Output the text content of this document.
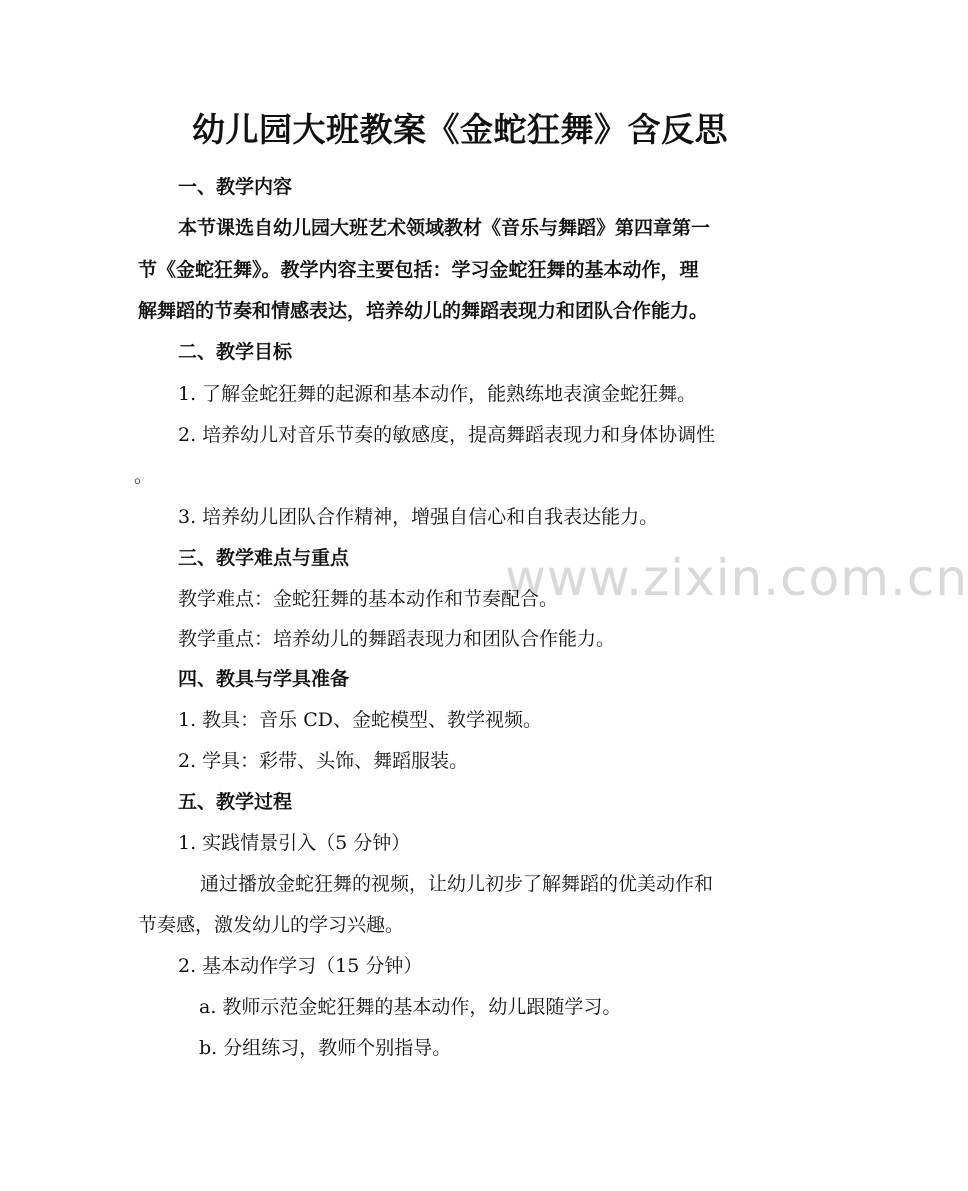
www.zixin.com.cn
幼儿园大班教案《金蛇狂舞》含反思
一、教学内容
本节课选自幼儿园大班艺术领域教材《音乐与舞蹈》第四章第一
节《金蛇狂舞》。教学内容主要包括：学习金蛇狂舞的基本动作，理
解舞蹈的节奏和情感表达，培养幼儿的舞蹈表现力和团队合作能力。
二、教学目标
1. 了解金蛇狂舞的起源和基本动作，能熟练地表演金蛇狂舞。
2. 培养幼儿对音乐节奏的敏感度，提高舞蹈表现力和身体协调性
。
3. 培养幼儿团队合作精神，增强自信心和自我表达能力。
三、教学难点与重点
教学难点：金蛇狂舞的基本动作和节奏配合。
教学重点：培养幼儿的舞蹈表现力和团队合作能力。
四、教具与学具准备
1. 教具：音乐 CD、金蛇模型、教学视频。
2. 学具：彩带、头饰、舞蹈服装。
五、教学过程
1. 实践情景引入（5 分钟）
通过播放金蛇狂舞的视频，让幼儿初步了解舞蹈的优美动作和
节奏感，激发幼儿的学习兴趣。
2. 基本动作学习（15 分钟）
a. 教师示范金蛇狂舞的基本动作，幼儿跟随学习。
b. 分组练习，教师个别指导。
